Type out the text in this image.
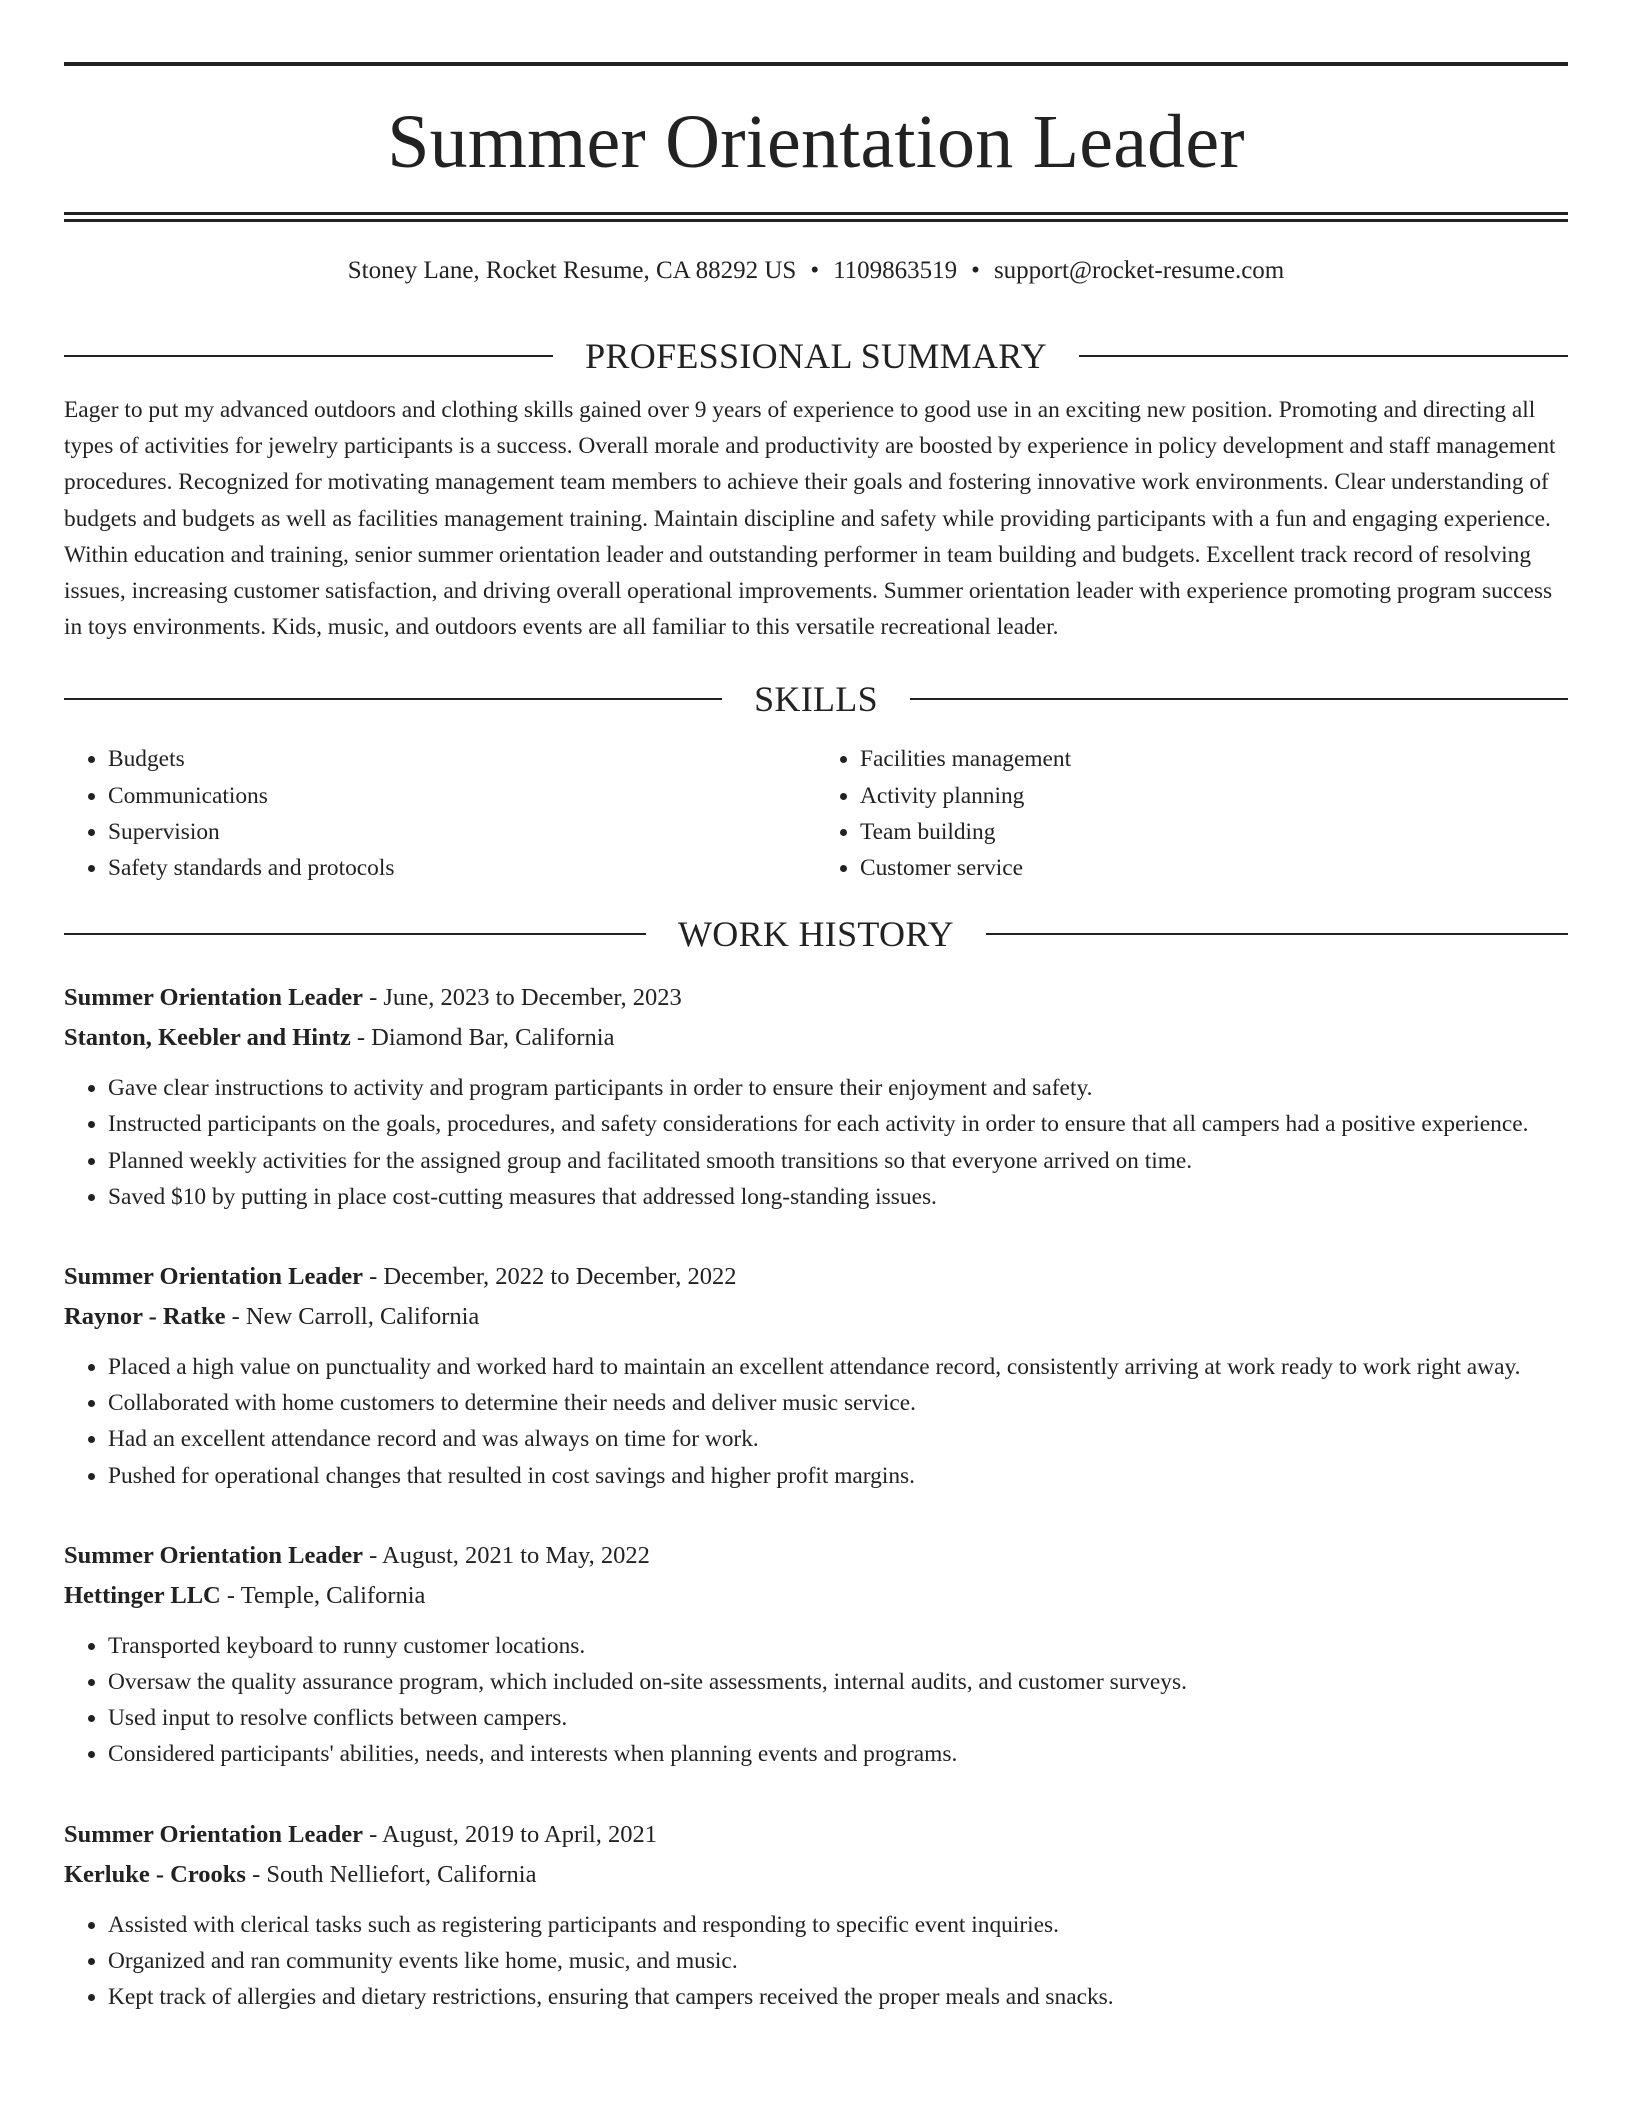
Summer Orientation Leader
Stoney Lane, Rocket Resume, CA 88292 US • 1109863519 • support@rocket-resume.com
PROFESSIONAL SUMMARY

Eager to put my advanced outdoors and clothing skills gained over 9 years of experience to good use in an exciting new position. Promoting and directing all types of activities for jewelry participants is a success. Overall morale and productivity are boosted by experience in policy development and staff management procedures. Recognized for motivating management team members to achieve their goals and fostering innovative work environments. Clear understanding of budgets and budgets as well as facilities management training. Maintain discipline and safety while providing participants with a fun and engaging experience. Within education and training, senior summer orientation leader and outstanding performer in team building and budgets. Excellent track record of resolving issues, increasing customer satisfaction, and driving overall operational improvements. Summer orientation leader with experience promoting program success in toys environments. Kids, music, and outdoors events are all familiar to this versatile recreational leader.

SKILLS
• Budgets
• Communications
• Supervision
• Safety standards and protocols
• Facilities management
• Activity planning
• Team building
• Customer service
WORK HISTORY
Summer Orientation Leader - June, 2023 to December, 2023
Stanton, Keebler and Hintz - Diamond Bar, California
• Gave clear instructions to activity and program participants in order to ensure their enjoyment and safety.
• Instructed participants on the goals, procedures, and safety considerations for each activity in order to ensure that all campers had a positive experience.
• Planned weekly activities for the assigned group and facilitated smooth transitions so that everyone arrived on time.
• Saved $10 by putting in place cost-cutting measures that addressed long-standing issues.
Summer Orientation Leader - December, 2022 to December, 2022
Raynor - Ratke - New Carroll, California
• Placed a high value on punctuality and worked hard to maintain an excellent attendance record, consistently arriving at work ready to work right away.
• Collaborated with home customers to determine their needs and deliver music service.
• Had an excellent attendance record and was always on time for work.
• Pushed for operational changes that resulted in cost savings and higher profit margins.
Summer Orientation Leader - August, 2021 to May, 2022
Hettinger LLC - Temple, California
• Transported keyboard to runny customer locations.
• Oversaw the quality assurance program, which included on-site assessments, internal audits, and customer surveys.
• Used input to resolve conflicts between campers.
• Considered participants' abilities, needs, and interests when planning events and programs.
Summer Orientation Leader - August, 2019 to April, 2021
Kerluke - Crooks - South Nelliefort, California
• Assisted with clerical tasks such as registering participants and responding to specific event inquiries.
• Organized and ran community events like home, music, and music.
• Kept track of allergies and dietary restrictions, ensuring that campers received the proper meals and snacks.
